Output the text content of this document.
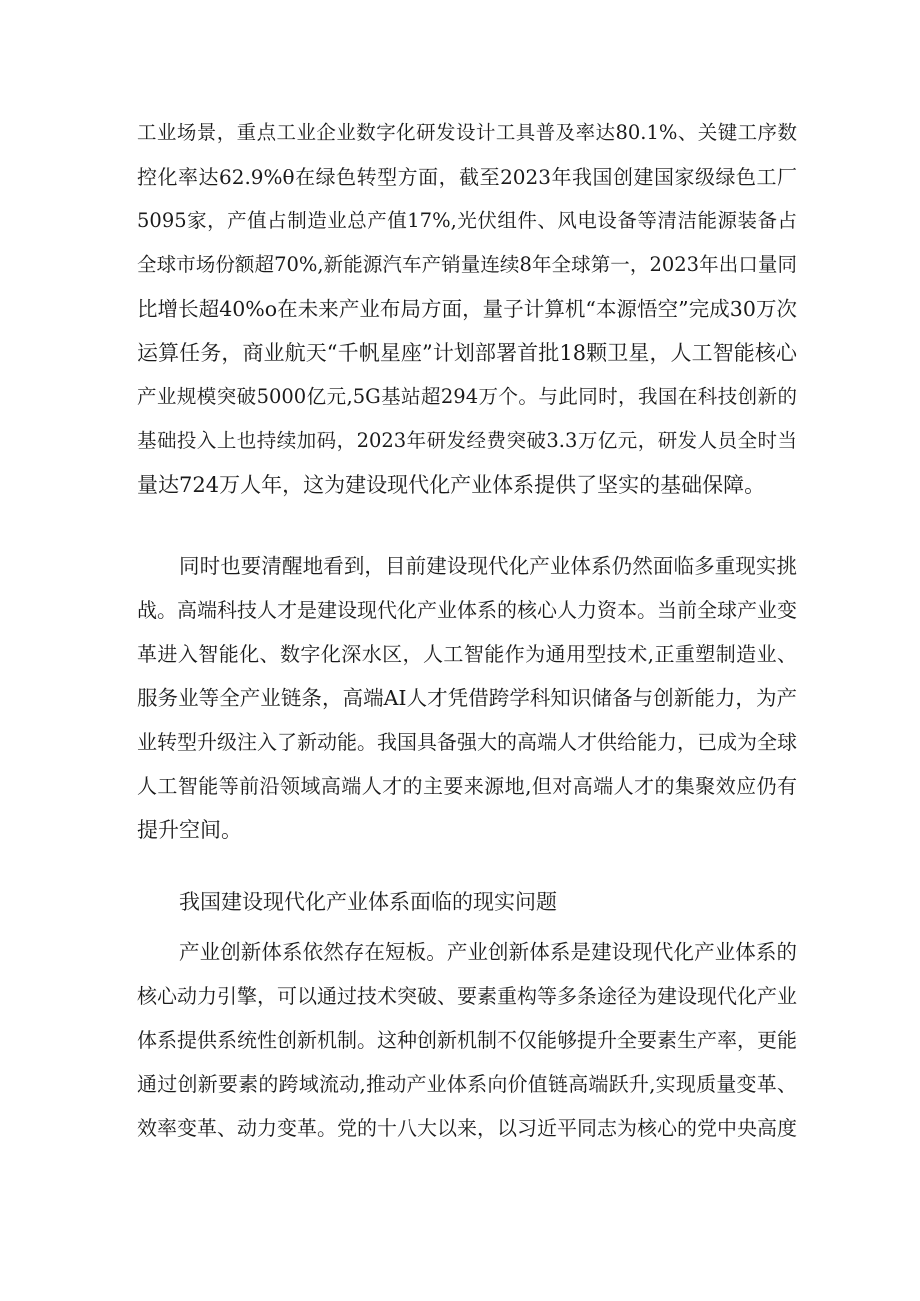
工业场景，重点工业企业数字化研发设计工具普及率达80.1%、关键工序数
控化率达62.9%θ在绿色转型方面，截至2023年我国创建国家级绿色工厂
5095家，产值占制造业总产值17%,光伏组件、风电设备等清洁能源装备占
全球市场份额超70%,新能源汽车产销量连续8年全球第一，2023年出口量同
比增长超40%o在未来产业布局方面，量子计算机“本源悟空”完成30万次
运算任务，商业航天“千帆星座”计划部署首批18颗卫星，人工智能核心
产业规模突破5000亿元,5G基站超294万个。与此同时，我国在科技创新的
基础投入上也持续加码，2023年研发经费突破3.3万亿元，研发人员全时当
量达724万人年，这为建设现代化产业体系提供了坚实的基础保障。
同时也要清醒地看到，目前建设现代化产业体系仍然面临多重现实挑
战。高端科技人才是建设现代化产业体系的核心人力资本。当前全球产业变
革进入智能化、数字化深水区，人工智能作为通用型技术,正重塑制造业、
服务业等全产业链条，高端AI人才凭借跨学科知识储备与创新能力，为产
业转型升级注入了新动能。我国具备强大的高端人才供给能力，已成为全球
人工智能等前沿领域高端人才的主要来源地,但对高端人才的集聚效应仍有
提升空间。
我国建设现代化产业体系面临的现实问题
产业创新体系依然存在短板。产业创新体系是建设现代化产业体系的
核心动力引擎，可以通过技术突破、要素重构等多条途径为建设现代化产业
体系提供系统性创新机制。这种创新机制不仅能够提升全要素生产率，更能
通过创新要素的跨域流动,推动产业体系向价值链高端跃升,实现质量变革、
效率变革、动力变革。党的十八大以来，以习近平同志为核心的党中央高度
